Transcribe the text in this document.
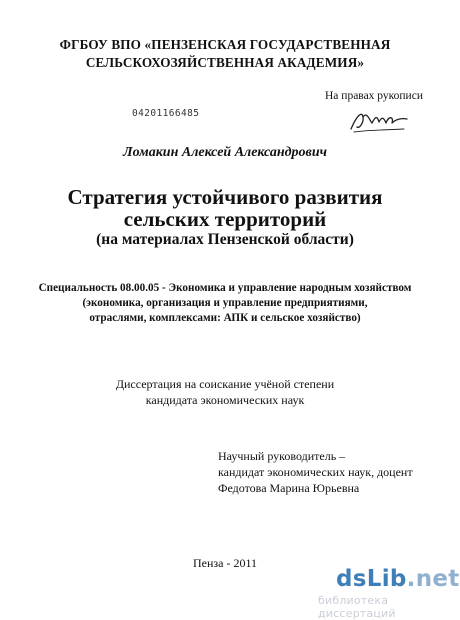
ФГБОУ ВПО «ПЕНЗЕНСКАЯ ГОСУДАРСТВЕННАЯ
СЕЛЬСКОХОЗЯЙСТВЕННАЯ АКАДЕМИЯ»
На правах рукописи
04201166485
Ломакин Алексей Александрович
Стратегия устойчивого развития
сельских территорий
(на материалах Пензенской области)
Специальность 08.00.05 - Экономика и управление народным хозяйством
(экономика, организация и управление предприятиями,
отраслями, комплексами: АПК и сельское хозяйство)
Диссертация на соискание учёной степени
кандидата экономических наук
Научный руководитель –
кандидат экономических наук, доцент
Федотова Марина Юрьевна
Пенза - 2011
dsLib.net
библиотека диссертаций
